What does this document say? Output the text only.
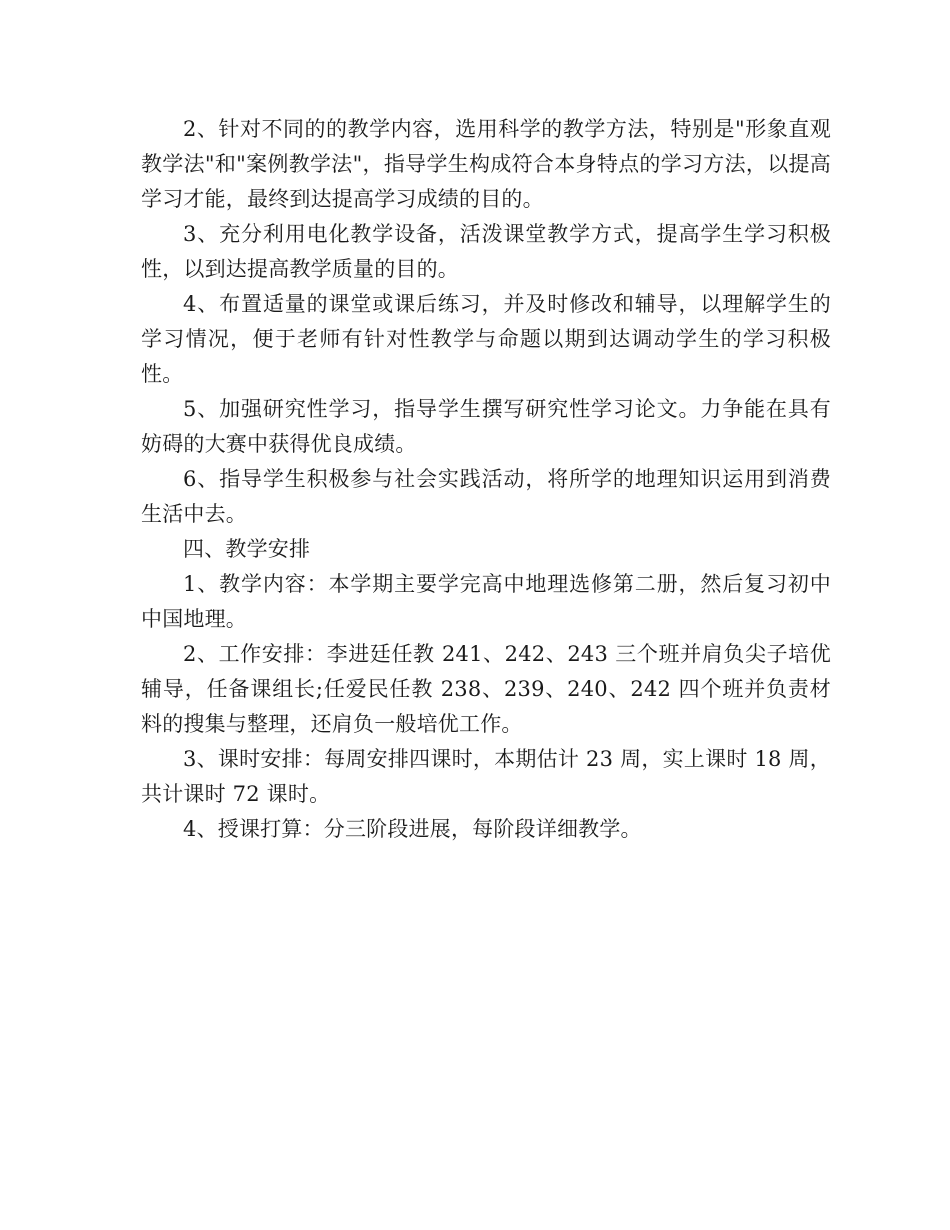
2、针对不同的的教学内容，选用科学的教学方法，特别是"形象直观教学法"和"案例教学法"，指导学生构成符合本身特点的学习方法，以提高学习才能，最终到达提高学习成绩的目的。

3、充分利用电化教学设备，活泼课堂教学方式，提高学生学习积极性，以到达提高教学质量的目的。

4、布置适量的课堂或课后练习，并及时修改和辅导，以理解学生的学习情况，便于老师有针对性教学与命题以期到达调动学生的学习积极性。

5、加强研究性学习，指导学生撰写研究性学习论文。力争能在具有妨碍的大赛中获得优良成绩。

6、指导学生积极参与社会实践活动，将所学的地理知识运用到消费生活中去。

四、教学安排

1、教学内容：本学期主要学完高中地理选修第二册，然后复习初中中国地理。

2、工作安排：李进廷任教 241、242、243 三个班并肩负尖子培优辅导，任备课组长;任爱民任教 238、239、240、242 四个班并负责材料的搜集与整理，还肩负一般培优工作。

3、课时安排：每周安排四课时，本期估计 23 周，实上课时 18 周，共计课时 72 课时。

4、授课打算：分三阶段进展，每阶段详细教学。
